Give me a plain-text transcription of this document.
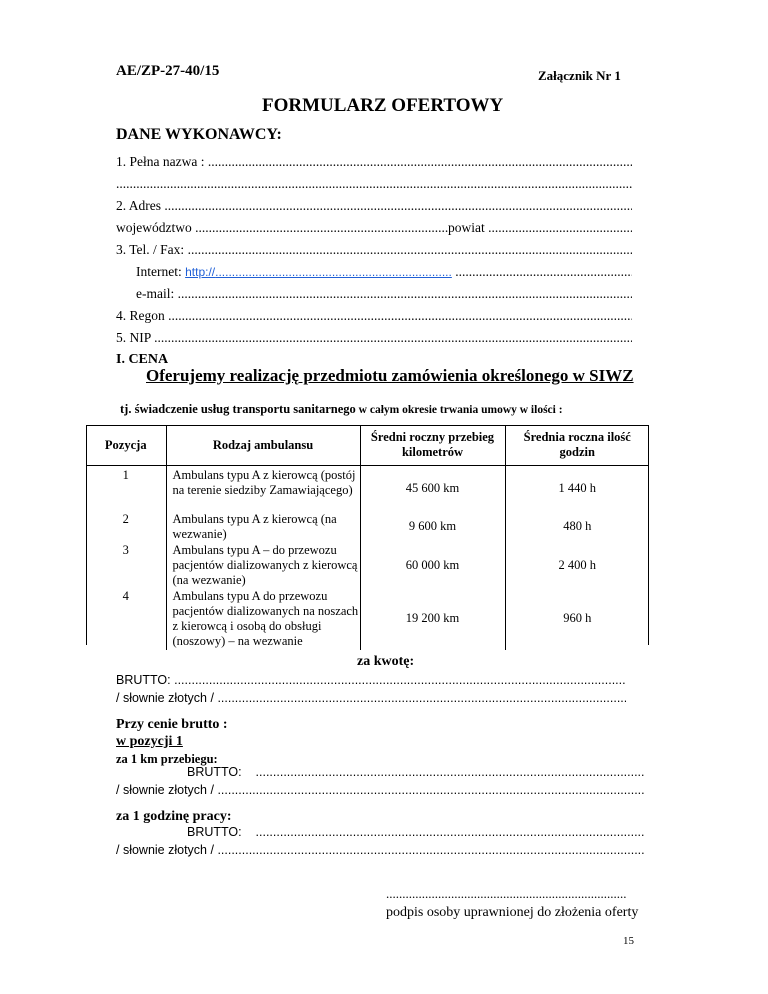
AE/ZP-27-40/15	Załącznik Nr 1
FORMULARZ OFERTOWY
DANE WYKONAWCY:
1. Pełna nazwa : .....
.....
2. Adres .....
województwo .....	powiat .....
3. Tel. / Fax: .....
Internet: http://....................................................................... .....
e-mail: .....
4. Regon .....
5. NIP .....
I. CENA
Oferujemy realizację przedmiotu zamówienia określonego w SIWZ
tj. świadczenie usług transportu sanitarnego w całym okresie trwania umowy w ilości :
Pozycja	Rodzaj ambulansu	Średni roczny przebieg kilometrów	Średnia roczna ilość godzin
1	Ambulans typu A z kierowcą (postój na terenie siedziby Zamawiającego)	45 600 km	1 440 h
2	Ambulans typu A z kierowcą (na wezwanie)	9 600 km	480 h
3	Ambulans typu A – do przewozu pacjentów dializowanych z kierowcą (na wezwanie)	60 000 km	2 400 h
4	Ambulans typu A do przewozu pacjentów dializowanych na noszach z kierowcą i osobą do obsługi (noszowy) – na wezwanie	19 200 km	960 h
za kwotę:
BRUTTO: .....
/ słownie złotych / .....
Przy cenie brutto :
w pozycji 1
za 1 km przebiegu:
BRUTTO:    .....
/ słownie złotych / .....
za 1 godzinę pracy:
BRUTTO:    .....
/ słownie złotych / .....
..........................................................................
podpis osoby uprawnionej do złożenia oferty
15
